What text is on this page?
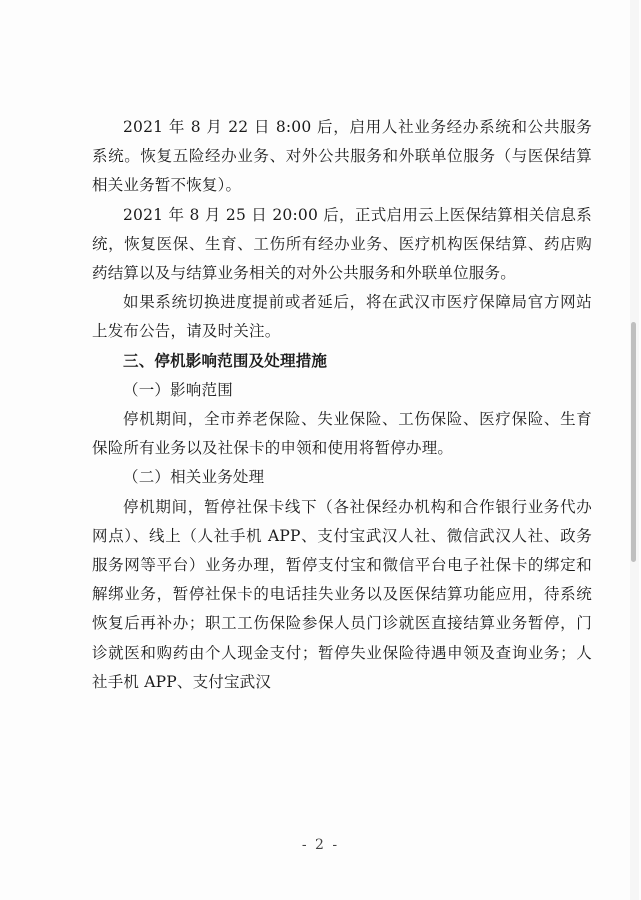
2021 年 8 月 22 日 8:00 后，启用人社业务经办系统和公共服务系统。恢复五险经办业务、对外公共服务和外联单位服务（与医保结算相关业务暂不恢复）。

2021 年 8 月 25 日 20:00 后，正式启用云上医保结算相关信息系统，恢复医保、生育、工伤所有经办业务、医疗机构医保结算、药店购药结算以及与结算业务相关的对外公共服务和外联单位服务。

如果系统切换进度提前或者延后，将在武汉市医疗保障局官方网站上发布公告，请及时关注。

三、停机影响范围及处理措施

（一）影响范围

停机期间，全市养老保险、失业保险、工伤保险、医疗保险、生育保险所有业务以及社保卡的申领和使用将暂停办理。

（二）相关业务处理

停机期间，暂停社保卡线下（各社保经办机构和合作银行业务代办网点）、线上（人社手机 APP、支付宝武汉人社、微信武汉人社、政务服务网等平台）业务办理，暂停支付宝和微信平台电子社保卡的绑定和解绑业务，暂停社保卡的电话挂失业务以及医保结算功能应用，待系统恢复后再补办；职工工伤保险参保人员门诊就医直接结算业务暂停，门诊就医和购药由个人现金支付；暂停失业保险待遇申领及查询业务；人社手机 APP、支付宝武汉

- 2 -
